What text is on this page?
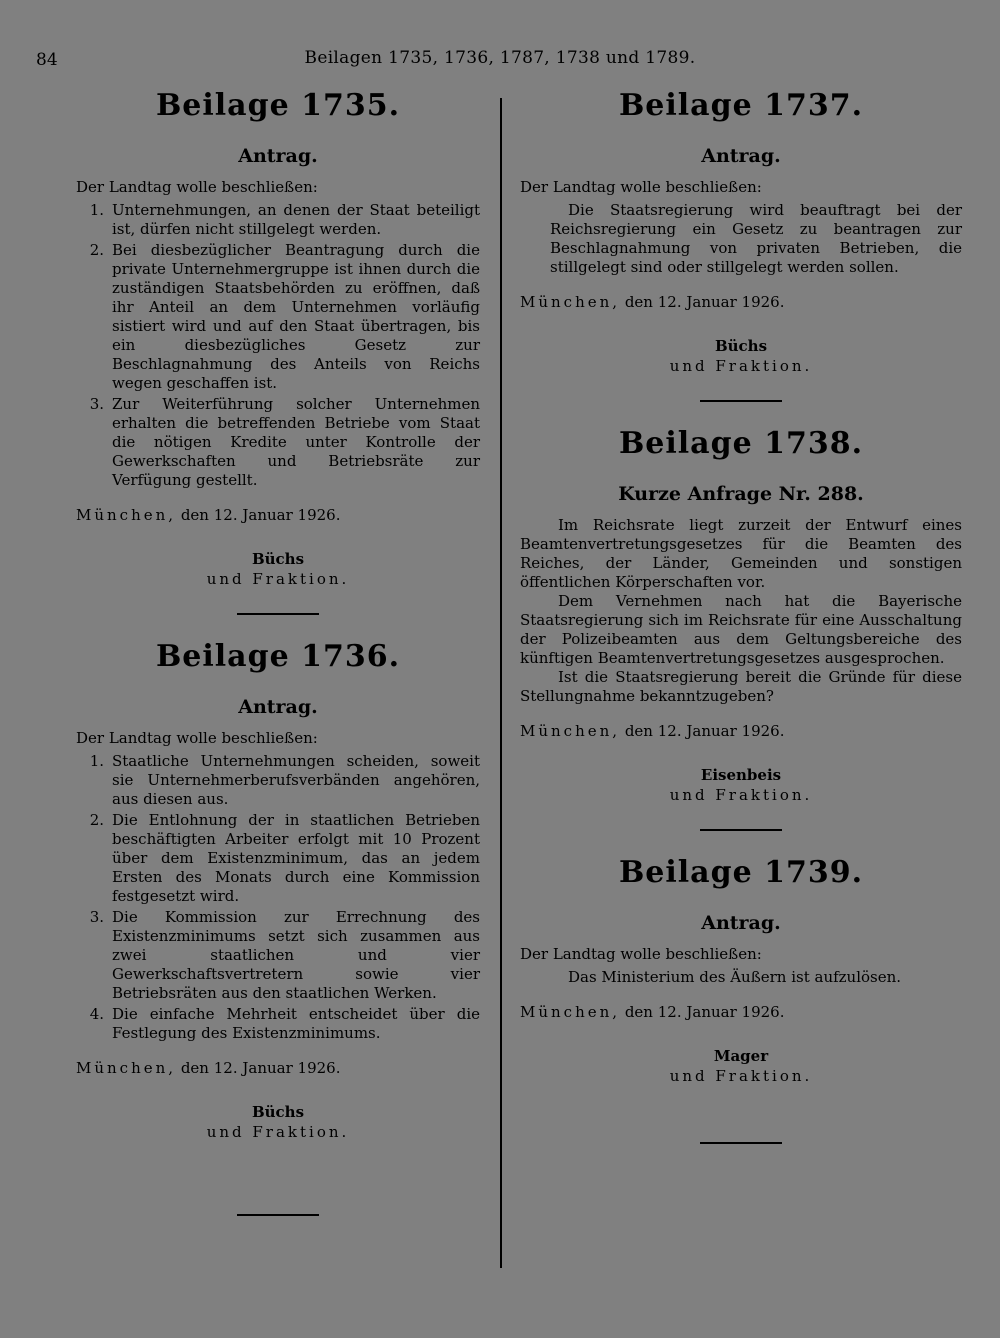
84	Beilagen 1735, 1736, 1787, 1738 und 1789.
Beilage 1735.
Antrag.

Der Landtag wolle beschließen:

1. Unternehmungen, an denen der Staat beteiligt ist, dürfen nicht stillgelegt werden.
2. Bei diesbezüglicher Beantragung durch die private Unternehmergruppe ist ihnen durch die zuständigen Staatsbehörden zu eröffnen, daß ihr Anteil an dem Unternehmen vorläufig sistiert wird und auf den Staat übertragen, bis ein diesbezügliches Gesetz zur Beschlagnahmung des Anteils von Reichs wegen geschaffen ist.
3. Zur Weiterführung solcher Unternehmen erhalten die betreffenden Betriebe vom Staat die nötigen Kredite unter Kontrolle der Gewerkschaften und Betriebsräte zur Verfügung gestellt.

München, den 12. Januar 1926.

Büchs
und Fraktion.
Beilage 1736.
Antrag.

Der Landtag wolle beschließen:

1. Staatliche Unternehmungen scheiden, soweit sie Unternehmerberufsverbänden angehören, aus diesen aus.
2. Die Entlohnung der in staatlichen Betrieben beschäftigten Arbeiter erfolgt mit 10 Prozent über dem Existenzminimum, das an jedem Ersten des Monats durch eine Kommission festgesetzt wird.
3. Die Kommission zur Errechnung des Existenzminimums setzt sich zusammen aus zwei staatlichen und vier Gewerkschaftsvertretern sowie vier Betriebsräten aus den staatlichen Werken.
4. Die einfache Mehrheit entscheidet über die Festlegung des Existenzminimums.

München, den 12. Januar 1926.

Büchs
und Fraktion.
Beilage 1737.
Antrag.

Der Landtag wolle beschließen:

Die Staatsregierung wird beauftragt bei der Reichsregierung ein Gesetz zu beantragen zur Beschlagnahmung von privaten Betrieben, die stillgelegt sind oder stillgelegt werden sollen.

München, den 12. Januar 1926.

Büchs
und Fraktion.
Beilage 1738.
Kurze Anfrage Nr. 288.

Im Reichsrate liegt zurzeit der Entwurf eines Beamtenvertretungsgesetzes für die Beamten des Reiches, der Länder, Gemeinden und sonstigen öffentlichen Körperschaften vor.

Dem Vernehmen nach hat die Bayerische Staatsregierung sich im Reichsrate für eine Ausschaltung der Polizeibeamten aus dem Geltungsbereiche des künftigen Beamtenvertretungsgesetzes ausgesprochen.

Ist die Staatsregierung bereit die Gründe für diese Stellungnahme bekanntzugeben?

München, den 12. Januar 1926.

Eisenbeis
und Fraktion.
Beilage 1739.
Antrag.

Der Landtag wolle beschließen:

Das Ministerium des Äußern ist aufzulösen.

München, den 12. Januar 1926.

Mager
und Fraktion.
